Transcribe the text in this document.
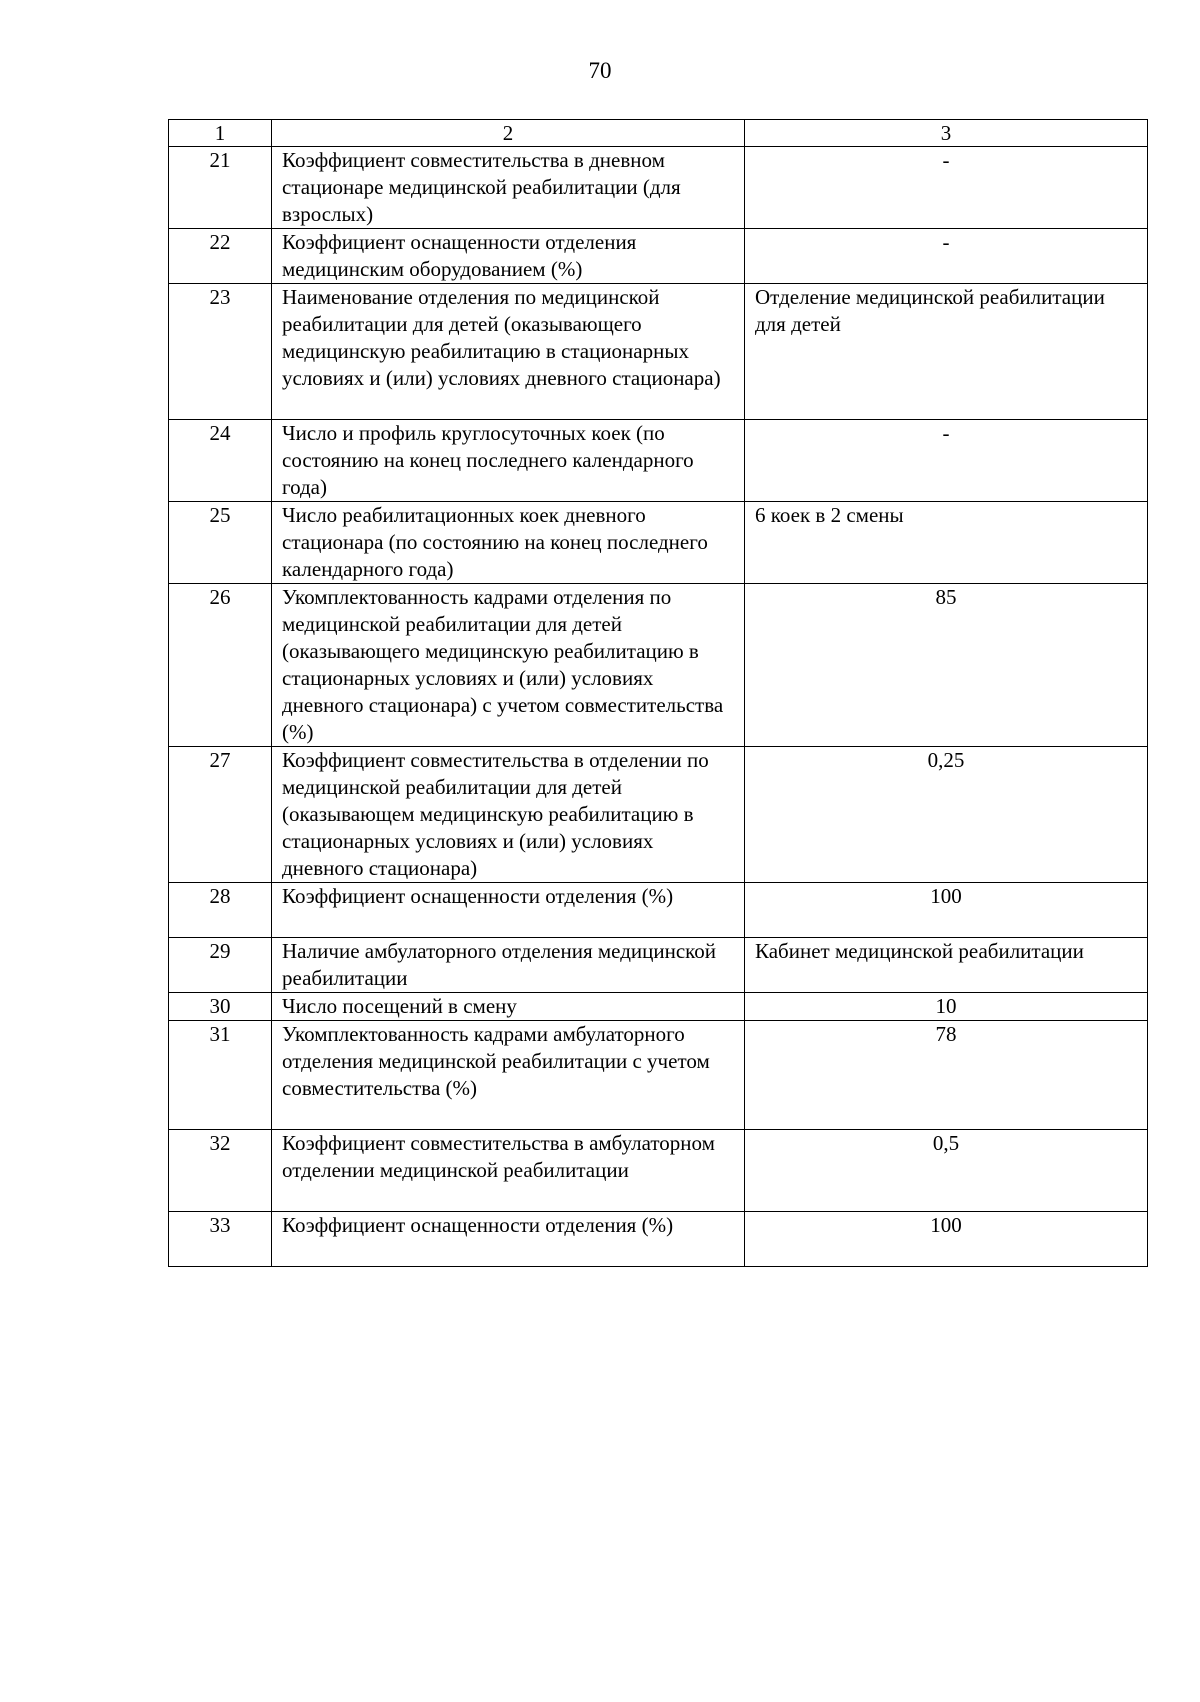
70
1	2	3
21	Коэффициент совместительства в дневном стационаре медицинской реабилитации (для взрослых)	-
22	Коэффициент оснащенности отделения медицинским оборудованием (%)	-
23	Наименование отделения по медицинской реабилитации для детей (оказывающего медицинскую реабилитацию в стационарных условиях и (или) условиях дневного стационара)	Отделение медицинской реабилитации для детей
24	Число и профиль круглосуточных коек (по состоянию на конец последнего календарного года)	-
25	Число реабилитационных коек дневного стационара (по состоянию на конец последнего календарного года)	6 коек в 2 смены
26	Укомплектованность кадрами отделения по медицинской реабилитации для детей (оказывающего медицинскую реабилитацию в стационарных условиях и (или) условиях дневного стационара) с учетом совместительства (%)	85
27	Коэффициент совместительства в отделении по медицинской реабилитации для детей (оказывающем медицинскую реабилитацию в стационарных условиях и (или) условиях дневного стационара)	0,25
28	Коэффициент оснащенности отделения (%)	100
29	Наличие амбулаторного отделения медицинской реабилитации	Кабинет медицинской реабилитации
30	Число посещений в смену	10
31	Укомплектованность кадрами амбулаторного отделения медицинской реабилитации с учетом совместительства (%)	78
32	Коэффициент совместительства в амбулаторном отделении медицинской реабилитации	0,5
33	Коэффициент оснащенности отделения (%)	100
